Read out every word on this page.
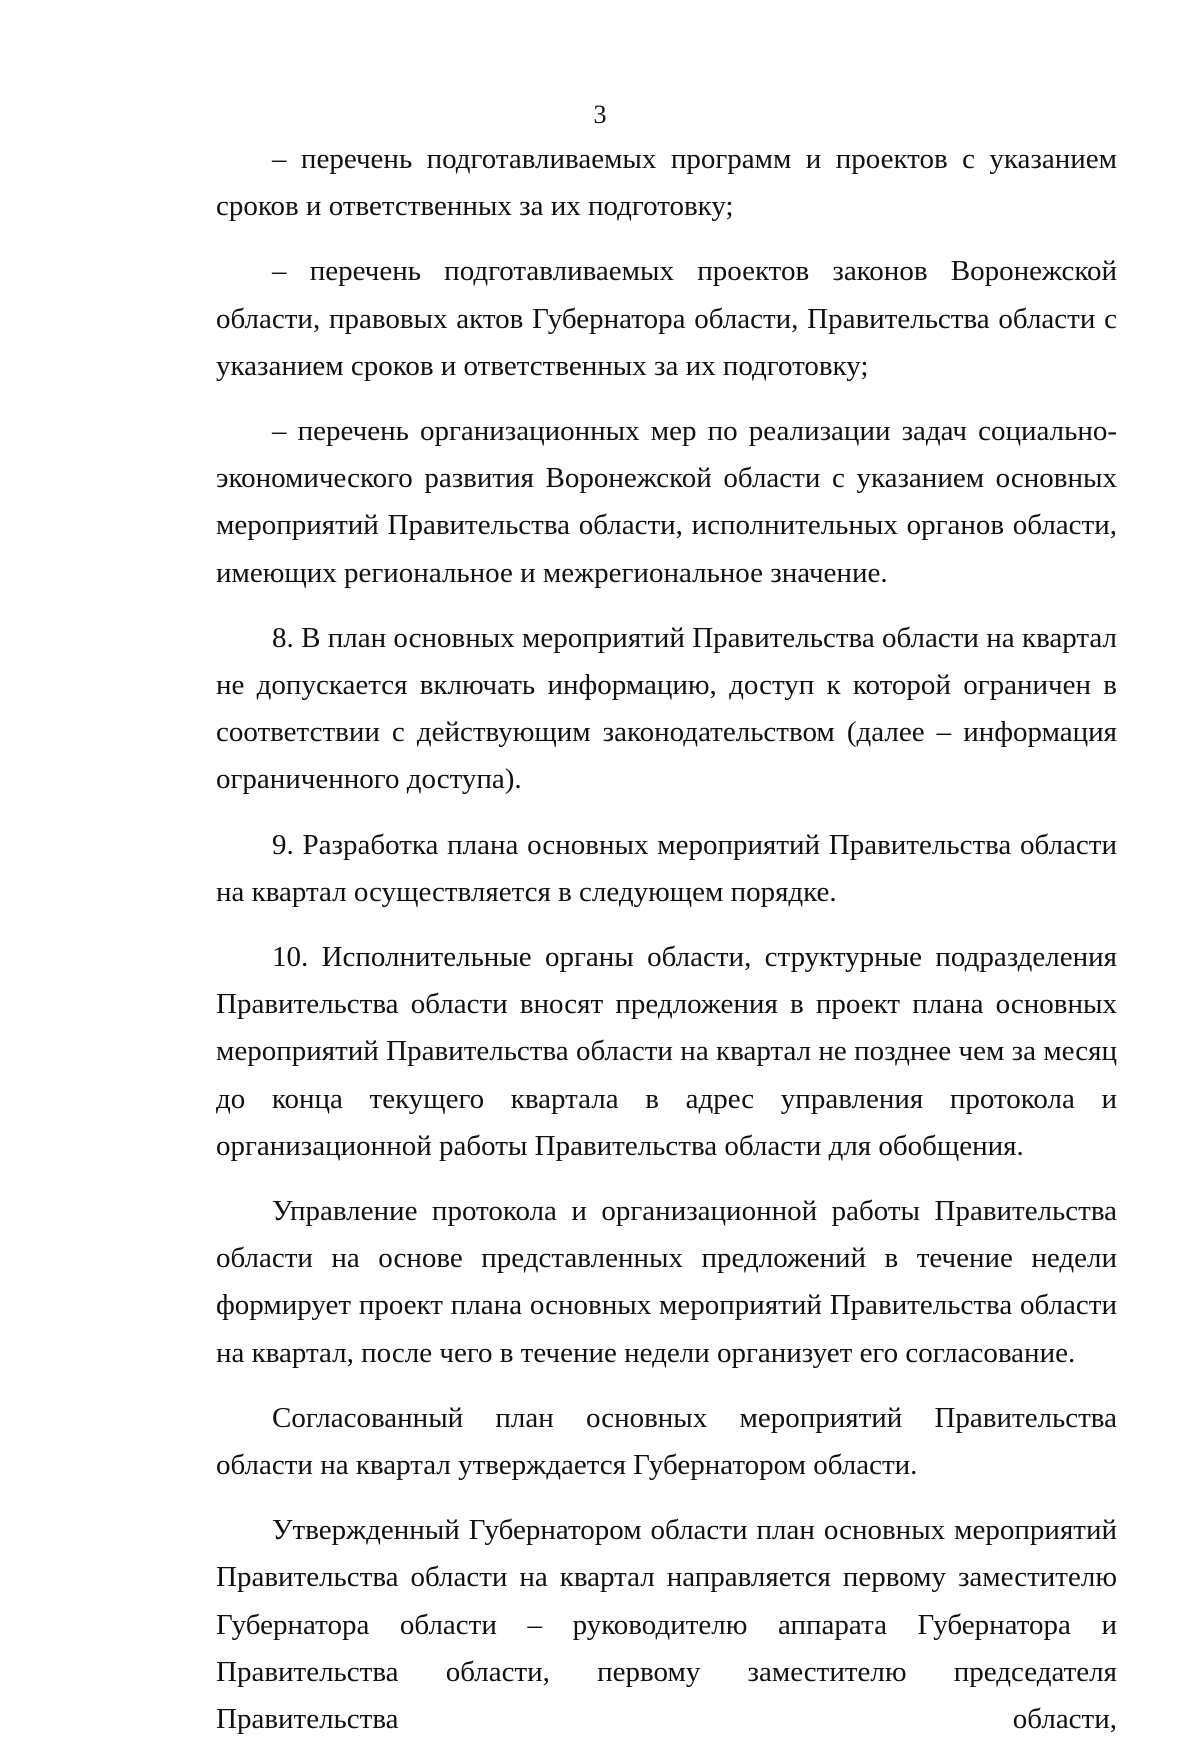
3

– перечень подготавливаемых программ и проектов с указанием сроков и ответственных за их подготовку;

– перечень подготавливаемых проектов законов Воронежской области, правовых актов Губернатора области, Правительства области с указанием сроков и ответственных за их подготовку;

– перечень организационных мер по реализации задач социально-экономического развития Воронежской области с указанием основных мероприятий Правительства области, исполнительных органов области, имеющих региональное и межрегиональное значение.

8. В план основных мероприятий Правительства области на квартал не допускается включать информацию, доступ к которой ограничен в соответствии с действующим законодательством (далее – информация ограниченного доступа).

9. Разработка плана основных мероприятий Правительства области на квартал осуществляется в следующем порядке.

10. Исполнительные органы области, структурные подразделения Правительства области вносят предложения в проект плана основных мероприятий Правительства области на квартал не позднее чем за месяц до конца текущего квартала в адрес управления протокола и организационной работы Правительства области для обобщения.

Управление протокола и организационной работы Правительства области на основе представленных предложений в течение недели формирует проект плана основных мероприятий Правительства области на квартал, после чего в течение недели организует его согласование.

Согласованный план основных мероприятий Правительства области на квартал утверждается Губернатором области.

Утвержденный Губернатором области план основных мероприятий Правительства области на квартал направляется первому заместителю Губернатора области – руководителю аппарата Губернатора и Правительства области, первому заместителю председателя Правительства области,
